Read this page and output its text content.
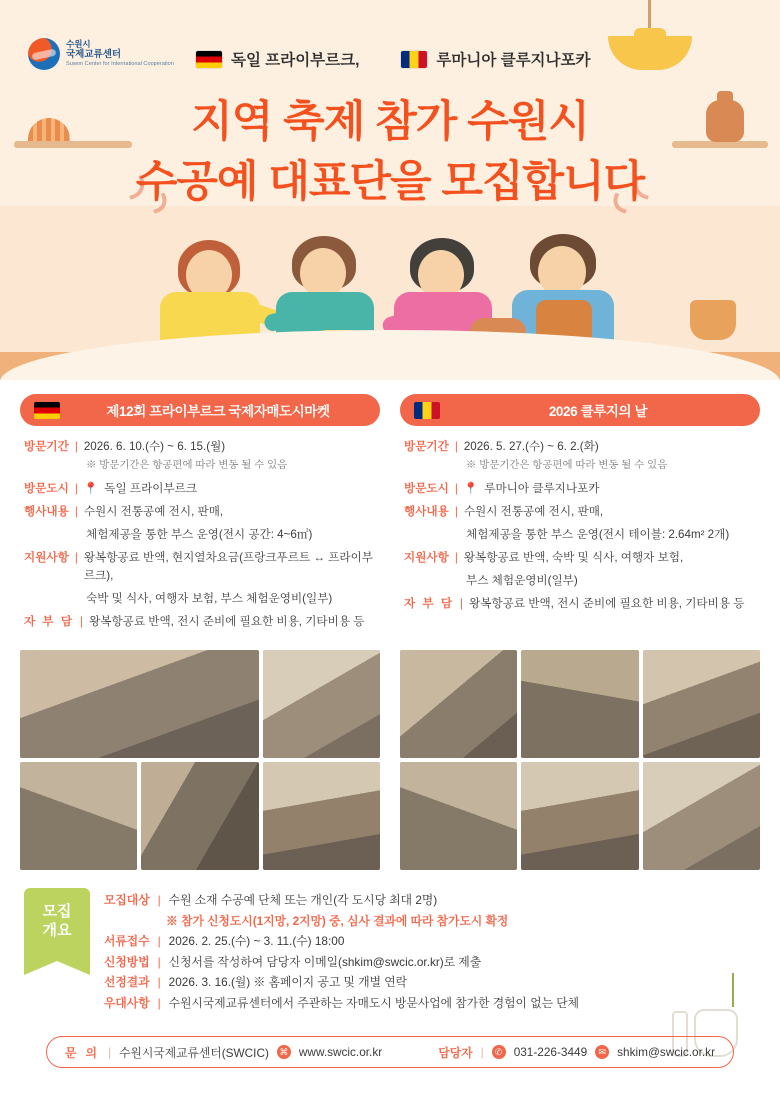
수원시
국제교류센터
Suwon Center for International Cooperation	독일 프라이부르크,	루마니아 클루지나포카
지역 축제 참가 수원시
수공예 대표단을 모집합니다
제12회 프라이부르크 국제자매도시마켓
방문기간 | 2026. 6. 10.(수) ~ 6. 15.(월)
※ 방문기간은 항공편에 따라 변동 될 수 있음
방문도시 | 📍 독일 프라이부르크
행사내용 | 수원시 전통공예 전시, 판매,
체험제공을 통한 부스 운영(전시 공간: 4~6㎡)
지원사항 | 왕복항공료 반액, 현지열차요금(프랑크푸르트 ↔ 프라이부르크),
숙박 및 식사, 여행자 보험, 부스 체험운영비(일부)
자 부 담 | 왕복항공료 반액, 전시 준비에 필요한 비용, 기타비용 등
2026 클루지의 날
방문기간 | 2026. 5. 27.(수) ~ 6. 2.(화)
※ 방문기간은 항공편에 따라 변동 될 수 있음
방문도시 | 📍 루마니아 클루지나포카
행사내용 | 수원시 전통공예 전시, 판매,
체험제공을 통한 부스 운영(전시 테이블: 2.64m² 2개)
지원사항 | 왕복항공료 반액, 숙박 및 식사, 여행자 보험,
부스 체험운영비(일부)
자 부 담 | 왕복항공료 반액, 전시 준비에 필요한 비용, 기타비용 등
모집
개요
모집대상 | 수원 소재 수공예 단체 또는 개인(각 도시당 최대 2명)
※ 참가 신청도시(1지망, 2지망) 중, 심사 결과에 따라 참가도시 확정
서류접수 | 2026. 2. 25.(수) ~ 3. 11.(수) 18:00
신청방법 | 신청서를 작성하여 담당자 이메일(shkim@swcic.or.kr)로 제출
선정결과 | 2026. 3. 16.(월) ※ 홈페이지 공고 및 개별 연락
우대사항 | 수원시국제교류센터에서 주관하는 자매도시 방문사업에 참가한 경험이 없는 단체
문 의 | 수원시국제교류센터(SWCIC) ⌘ www.swcic.or.kr	담당자 |	✆ 031-226-3449	✉ shkim@swcic.or.kr
